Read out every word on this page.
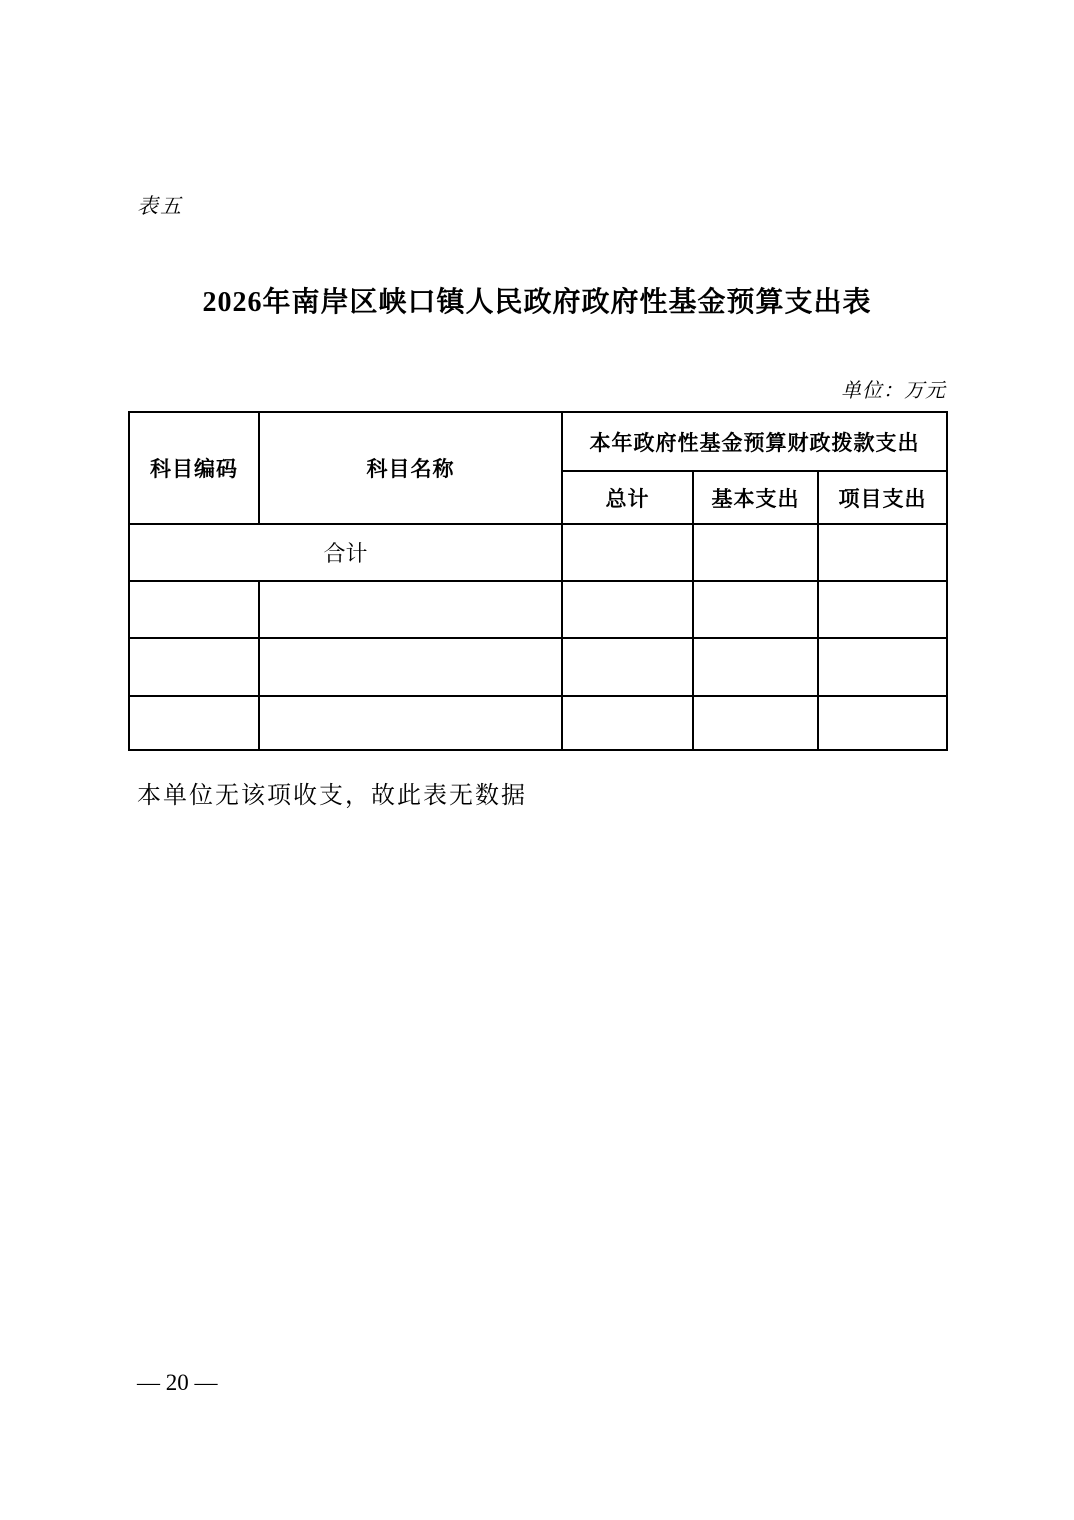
表五
2026年南岸区峡口镇人民政府政府性基金预算支出表
单位：万元
科目编码	科目名称	本年政府性基金预算财政拨款支出		
		总计	基本支出	项目支出
合计				

本单位无该项收支，故此表无数据
— 20 —
